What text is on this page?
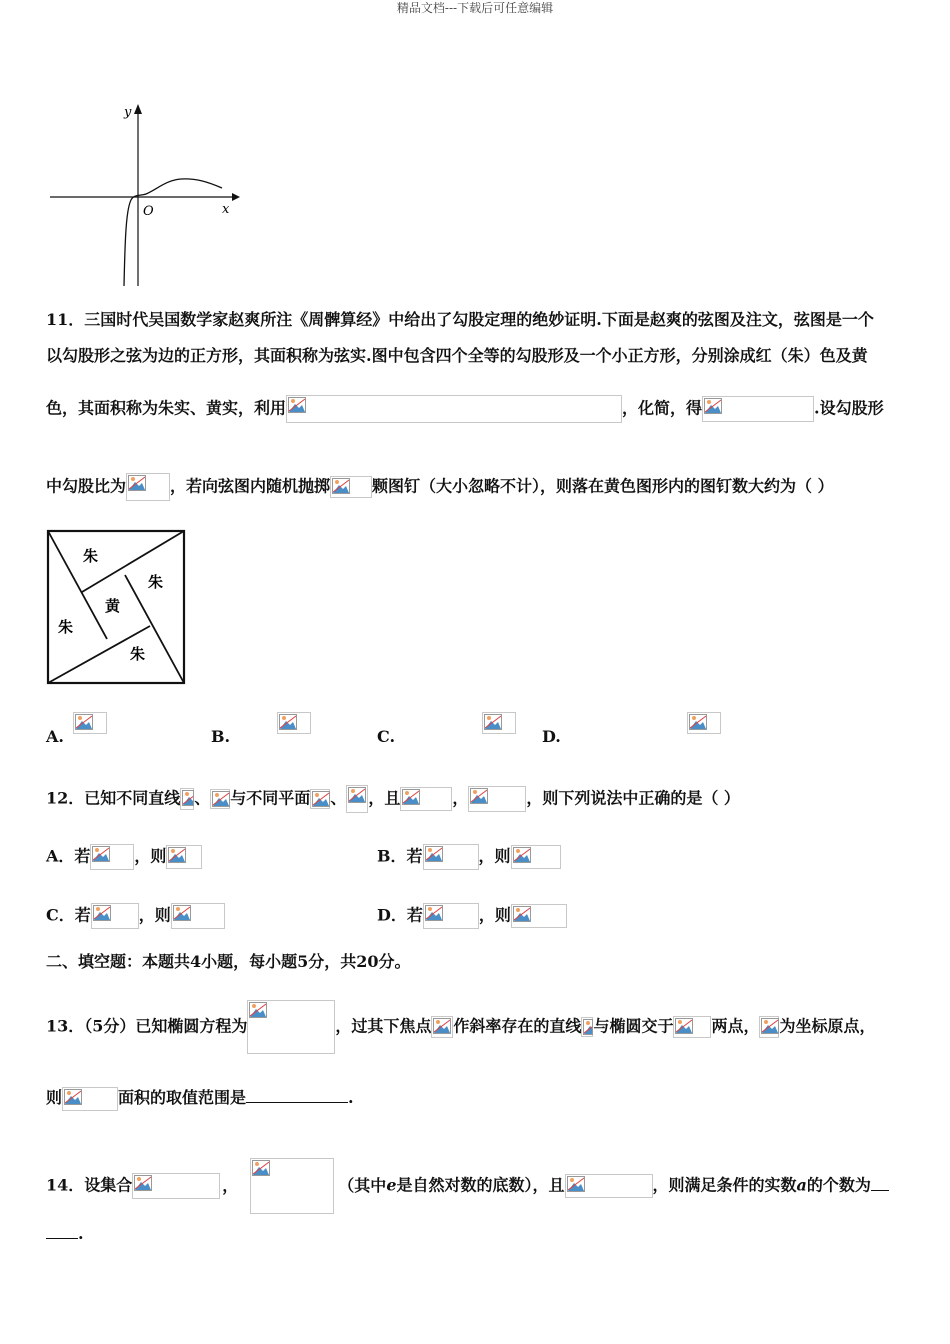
精品文档---下载后可任意编辑
y
x
O
11．三国时代吴国数学家赵爽所注《周髀算经》中给出了勾股定理的绝妙证明.下面是赵爽的弦图及注文，弦图是一个
以勾股形之弦为边的正方形，其面积称为弦实.图中包含四个全等的勾股形及一个小正方形，分别涂成红（朱）色及黄
色，其面积称为朱实、黄实，利用	，化简，得	.设勾股形
中勾股比为	，若向弦图内随机抛掷	颗图钉（大小忽略不计），则落在黄色图形内的图钉数大约为（ ）
朱
朱
黄
朱
朱
A.
	B.
	C.
	D.
12．已知不同直线 、 与不同平面 、 ，且	，	，则下列说法中正确的是（ ）
A．若	，则	B．若	，则
C．若	，则	D．若	，则
二、填空题：本题共4小题，每小题5分，共20分。
13．（5分）已知椭圆方程为	，过其下焦点 作斜率存在的直线 与椭圆交于 两点， 为坐标原点，
则	面积的取值范围是	.
14．设集合	，	（其中e是自然对数的底数），且	，则满足条件的实数a的个数为
.
